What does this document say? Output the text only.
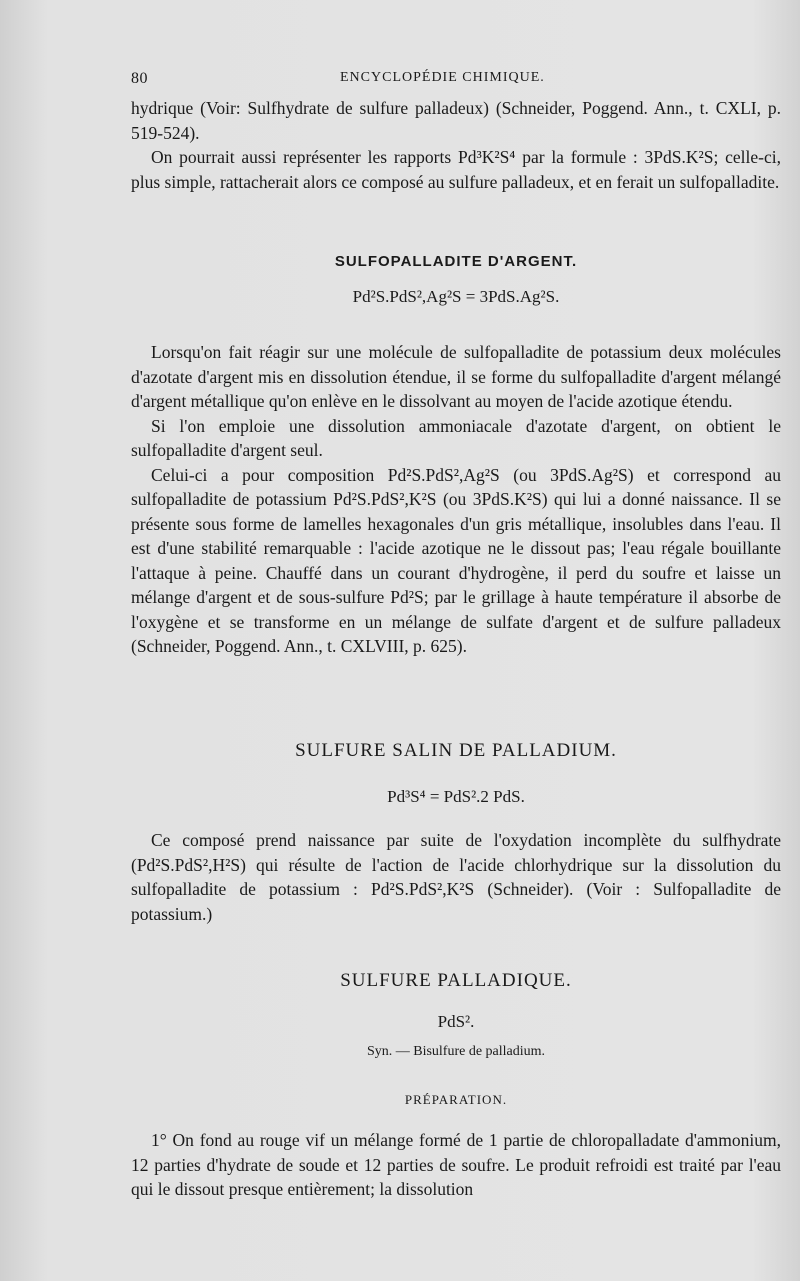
80	ENCYCLOPÉDIE CHIMIQUE.

hydrique (Voir: Sulfhydrate de sulfure palladeux) (Schneider, Poggend. Ann., t. CXLI, p. 519-524).

On pourrait aussi représenter les rapports Pd³K²S⁴ par la formule : 3PdS.K²S; celle-ci, plus simple, rattacherait alors ce composé au sulfure palladeux, et en ferait un sulfopalladite.

SULFOPALLADITE D'ARGENT.
Pd²S.PdS²,Ag²S = 3PdS.Ag²S.

Lorsqu'on fait réagir sur une molécule de sulfopalladite de potassium deux molécules d'azotate d'argent mis en dissolution étendue, il se forme du sulfopalladite d'argent mélangé d'argent métallique qu'on enlève en le dissolvant au moyen de l'acide azotique étendu.

Si l'on emploie une dissolution ammoniacale d'azotate d'argent, on obtient le sulfopalladite d'argent seul.

Celui-ci a pour composition Pd²S.PdS²,Ag²S (ou 3PdS.Ag²S) et correspond au sulfopalladite de potassium Pd²S.PdS²,K²S (ou 3PdS.K²S) qui lui a donné naissance. Il se présente sous forme de lamelles hexagonales d'un gris métallique, insolubles dans l'eau. Il est d'une stabilité remarquable : l'acide azotique ne le dissout pas; l'eau régale bouillante l'attaque à peine. Chauffé dans un courant d'hydrogène, il perd du soufre et laisse un mélange d'argent et de sous-sulfure Pd²S; par le grillage à haute température il absorbe de l'oxygène et se transforme en un mélange de sulfate d'argent et de sulfure palladeux (Schneider, Poggend. Ann., t. CXLVIII, p. 625).

SULFURE SALIN DE PALLADIUM.
Pd³S⁴ = PdS².2 PdS.

Ce composé prend naissance par suite de l'oxydation incomplète du sulfhydrate (Pd²S.PdS²,H²S) qui résulte de l'action de l'acide chlorhydrique sur la dissolution du sulfopalladite de potassium : Pd²S.PdS²,K²S (Schneider). (Voir : Sulfopalladite de potassium.)

SULFURE PALLADIQUE.
PdS².
Syn. — Bisulfure de palladium.
PRÉPARATION.

1° On fond au rouge vif un mélange formé de 1 partie de chloropalladate d'ammonium, 12 parties d'hydrate de soude et 12 parties de soufre. Le produit refroidi est traité par l'eau qui le dissout presque entièrement; la dissolution
